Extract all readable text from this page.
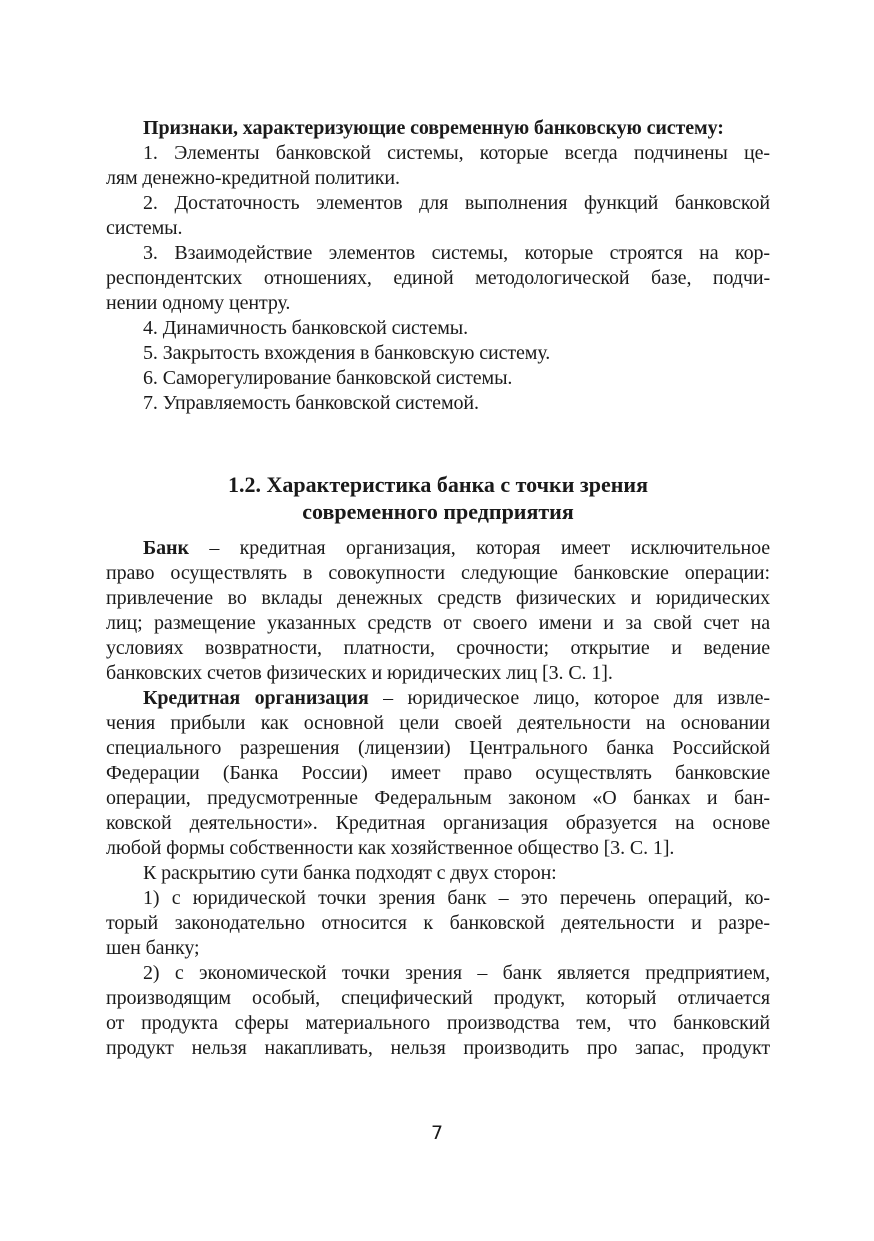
Признаки, характеризующие современную банковскую систему:
1. Элементы банковской системы, которые всегда подчинены це-
лям денежно-кредитной политики.
2. Достаточность элементов для выполнения функций банковской
системы.
3. Взаимодействие элементов системы, которые строятся на кор-
респондентских отношениях, единой методологической базе, подчи-
нении одному центру.
4. Динамичность банковской системы.
5. Закрытость вхождения в банковскую систему.
6. Саморегулирование банковской системы.
7. Управляемость банковской системой.
1.2. Характеристика банка с точки зрения
современного предприятия
Банк – кредитная организация, которая имеет исключительное
право осуществлять в совокупности следующие банковские операции:
привлечение во вклады денежных средств физических и юридических
лиц; размещение указанных средств от своего имени и за свой счет на
условиях возвратности, платности, срочности; открытие и ведение
банковских счетов физических и юридических лиц [3. С. 1].
Кредитная организация – юридическое лицо, которое для извле-
чения прибыли как основной цели своей деятельности на основании
специального разрешения (лицензии) Центрального банка Российской
Федерации (Банка России) имеет право осуществлять банковские
операции, предусмотренные Федеральным законом «О банках и бан-
ковской деятельности». Кредитная организация образуется на основе
любой формы собственности как хозяйственное общество [3. С. 1].
К раскрытию сути банка подходят с двух сторон:
1) с юридической точки зрения банк – это перечень операций, ко-
торый законодательно относится к банковской деятельности и разре-
шен банку;
2) с экономической точки зрения – банк является предприятием,
производящим особый, специфический продукт, который отличается
от продукта сферы материального производства тем, что банковский
продукт нельзя накапливать, нельзя производить про запас, продукт
7
